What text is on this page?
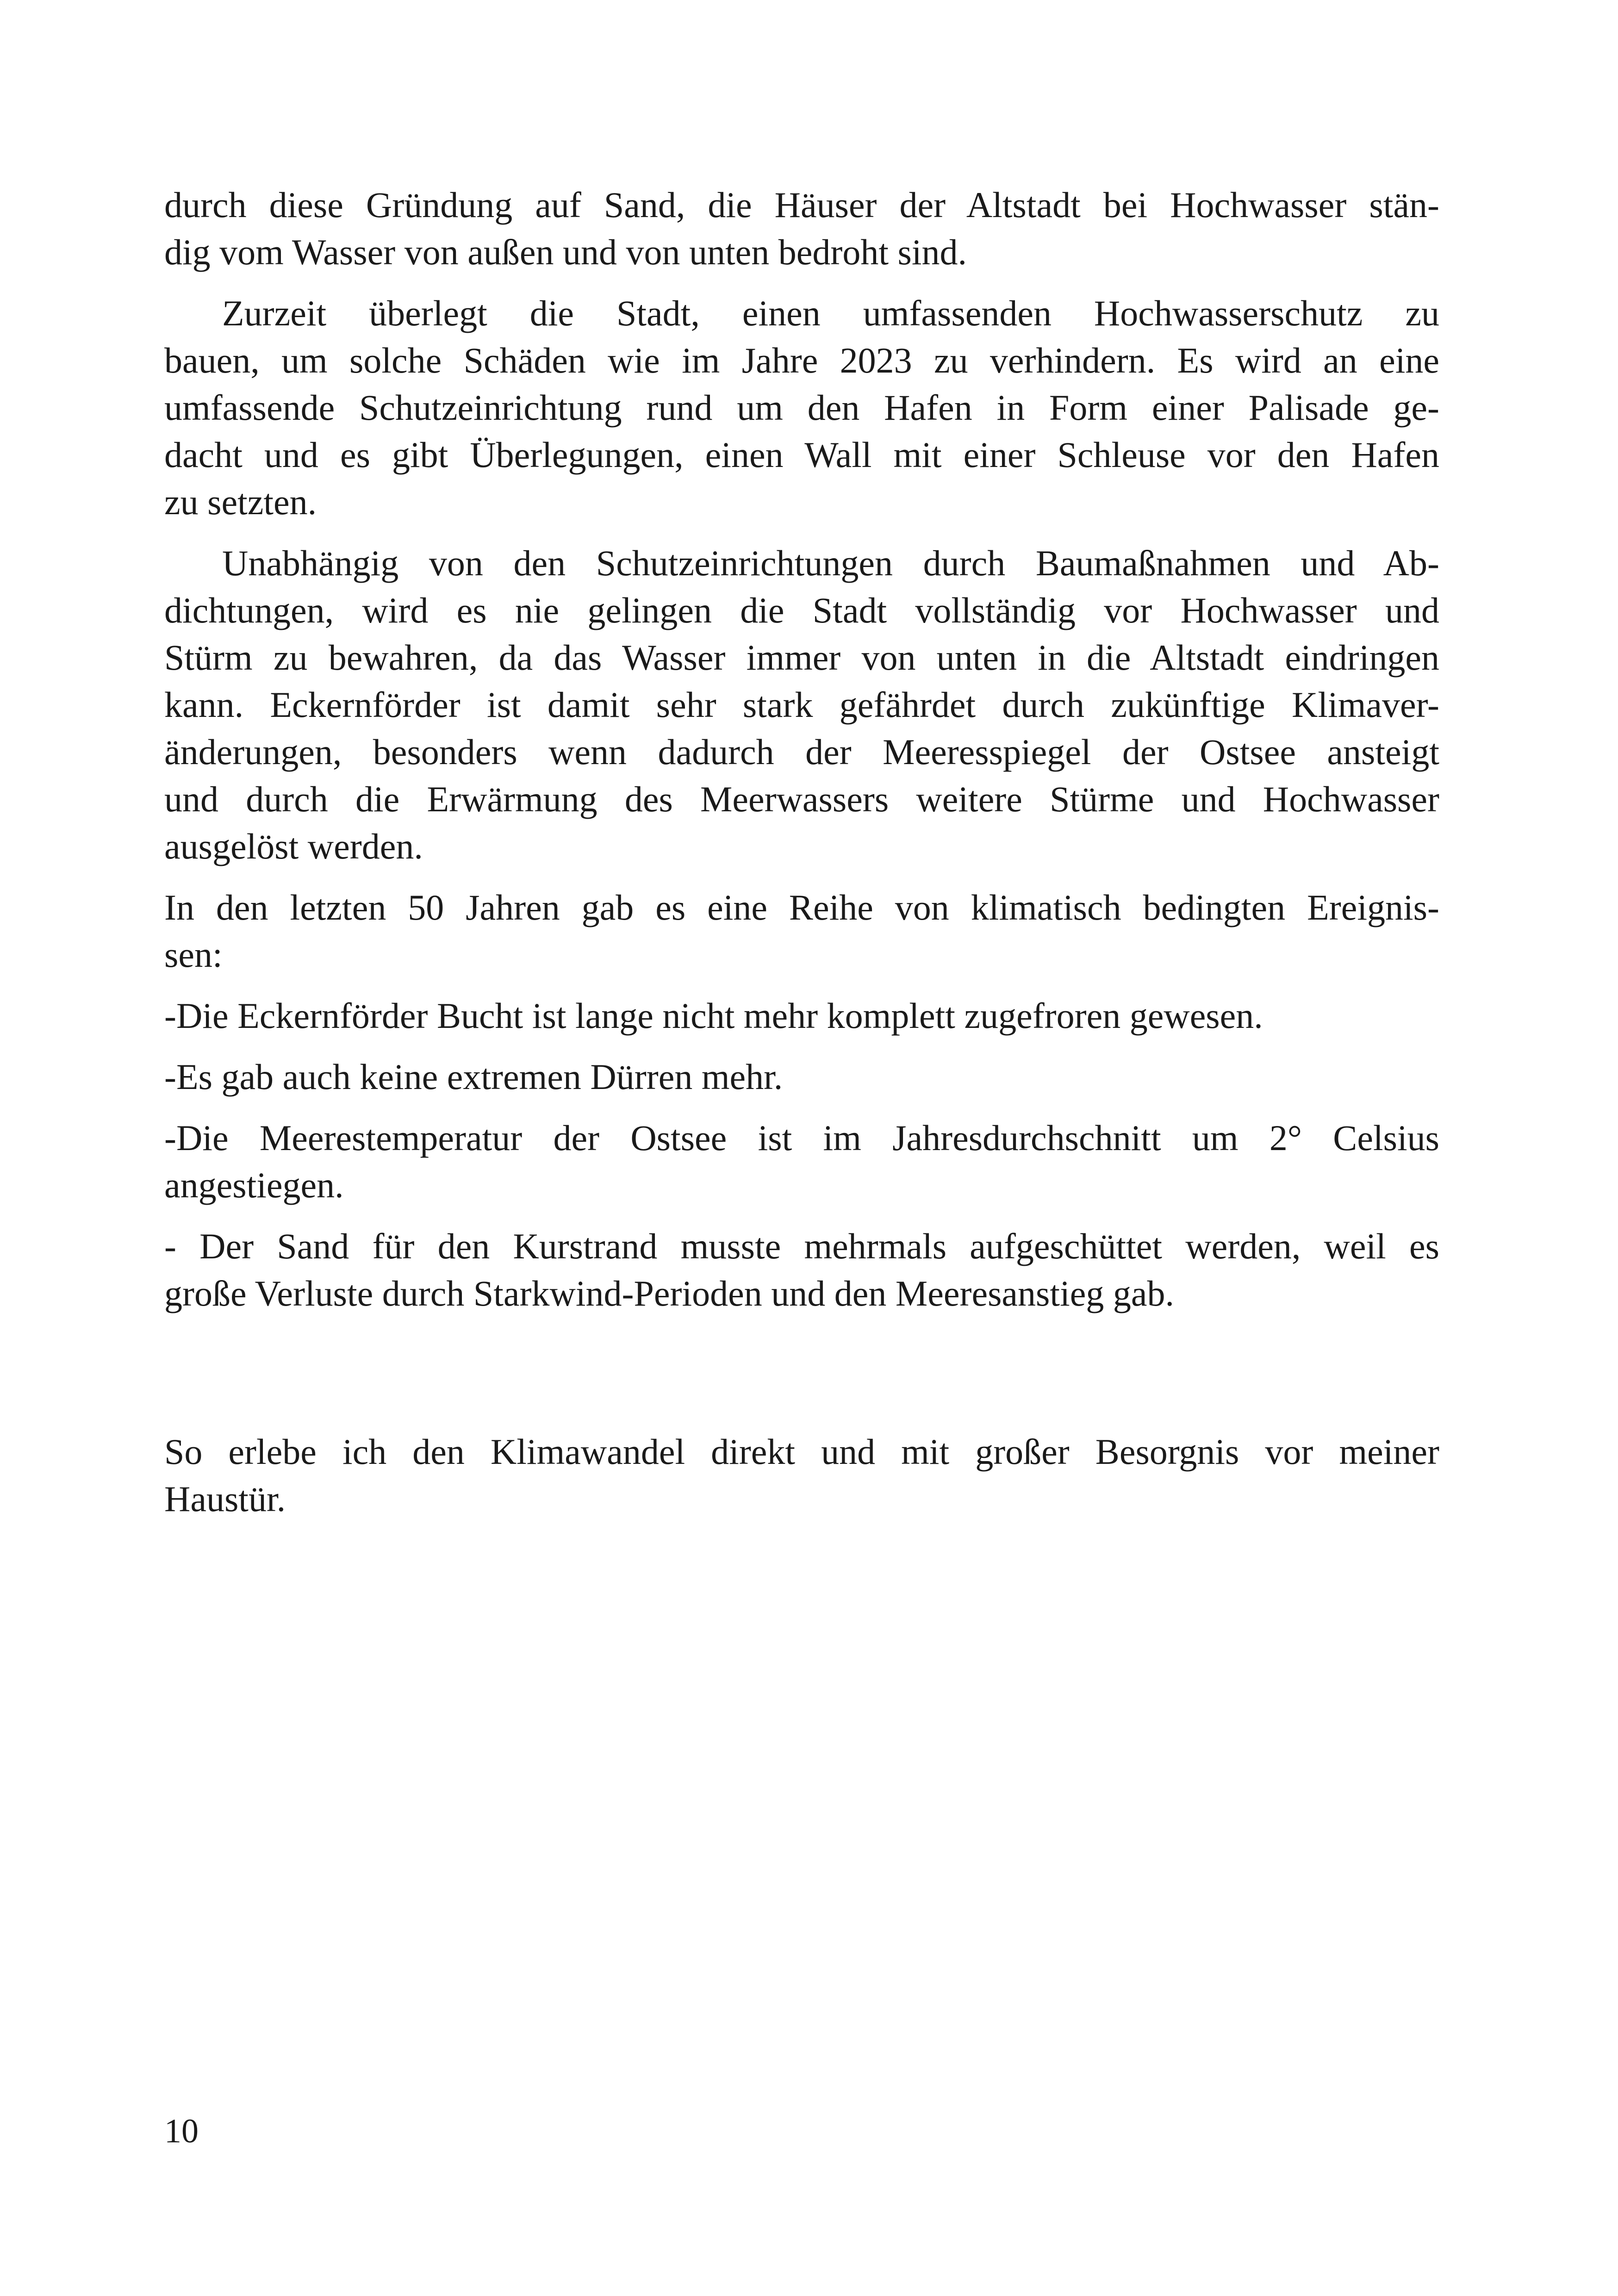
durch diese Gründung auf Sand, die Häuser der Altstadt bei Hochwasser stän-
dig vom Wasser von außen und von unten bedroht sind.
Zurzeit überlegt die Stadt, einen umfassenden Hochwasserschutz zu
bauen, um solche Schäden wie im Jahre 2023 zu verhindern. Es wird an eine
umfassende Schutzeinrichtung rund um den Hafen in Form einer Palisade ge-
dacht und es gibt Überlegungen, einen Wall mit einer Schleuse vor den Hafen
zu setzten.
Unabhängig von den Schutzeinrichtungen durch Baumaßnahmen und Ab-
dichtungen, wird es nie gelingen die Stadt vollständig vor Hochwasser und
Stürm zu bewahren, da das Wasser immer von unten in die Altstadt eindringen
kann. Eckernförder ist damit sehr stark gefährdet durch zukünftige Klimaver-
änderungen, besonders wenn dadurch der Meeresspiegel der Ostsee ansteigt
und durch die Erwärmung des Meerwassers weitere Stürme und Hochwasser
ausgelöst werden.
In den letzten 50 Jahren gab es eine Reihe von klimatisch bedingten Ereignis-
sen:
-Die Eckernförder Bucht ist lange nicht mehr komplett zugefroren gewesen.
-Es gab auch keine extremen Dürren mehr.
-Die Meerestemperatur der Ostsee ist im Jahresdurchschnitt um 2° Celsius
angestiegen.
- Der Sand für den Kurstrand musste mehrmals aufgeschüttet werden, weil es
große Verluste durch Starkwind-Perioden und den Meeresanstieg gab.
So erlebe ich den Klimawandel direkt und mit großer Besorgnis vor meiner
Haustür.
10
